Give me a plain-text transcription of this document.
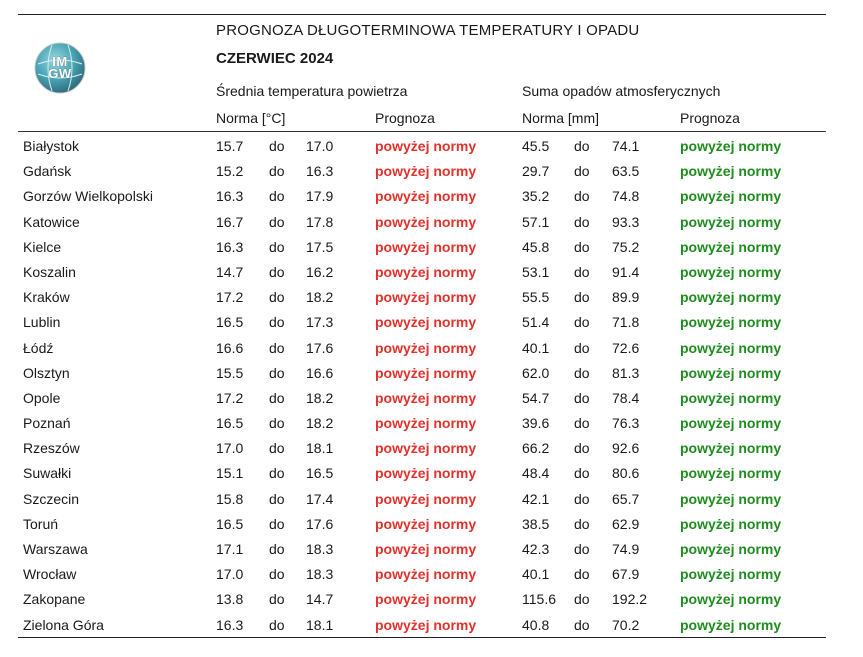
IM
GW
PROGNOZA DŁUGOTERMINOWA TEMPERATURY I OPADU
CZERWIEC 2024
Średnia temperatura powietrza	Suma opadów atmosferycznych
Norma [°C]	Prognoza	Norma [mm]	Prognoza
Białystok	15.7 do 17.0	powyżej normy	45.5 do 74.1	powyżej normy
Gdańsk	15.2 do 16.3	powyżej normy	29.7 do 63.5	powyżej normy
Gorzów Wielkopolski	16.3 do 17.9	powyżej normy	35.2 do 74.8	powyżej normy
Katowice	16.7 do 17.8	powyżej normy	57.1 do 93.3	powyżej normy
Kielce	16.3 do 17.5	powyżej normy	45.8 do 75.2	powyżej normy
Koszalin	14.7 do 16.2	powyżej normy	53.1 do 91.4	powyżej normy
Kraków	17.2 do 18.2	powyżej normy	55.5 do 89.9	powyżej normy
Lublin	16.5 do 17.3	powyżej normy	51.4 do 71.8	powyżej normy
Łódź	16.6 do 17.6	powyżej normy	40.1 do 72.6	powyżej normy
Olsztyn	15.5 do 16.6	powyżej normy	62.0 do 81.3	powyżej normy
Opole	17.2 do 18.2	powyżej normy	54.7 do 78.4	powyżej normy
Poznań	16.5 do 18.2	powyżej normy	39.6 do 76.3	powyżej normy
Rzeszów	17.0 do 18.1	powyżej normy	66.2 do 92.6	powyżej normy
Suwałki	15.1 do 16.5	powyżej normy	48.4 do 80.6	powyżej normy
Szczecin	15.8 do 17.4	powyżej normy	42.1 do 65.7	powyżej normy
Toruń	16.5 do 17.6	powyżej normy	38.5 do 62.9	powyżej normy
Warszawa	17.1 do 18.3	powyżej normy	42.3 do 74.9	powyżej normy
Wrocław	17.0 do 18.3	powyżej normy	40.1 do 67.9	powyżej normy
Zakopane	13.8 do 14.7	powyżej normy	115.6 do 192.2 powyżej normy
Zielona Góra	16.3 do 18.1	powyżej normy	40.8 do 70.2	powyżej normy
